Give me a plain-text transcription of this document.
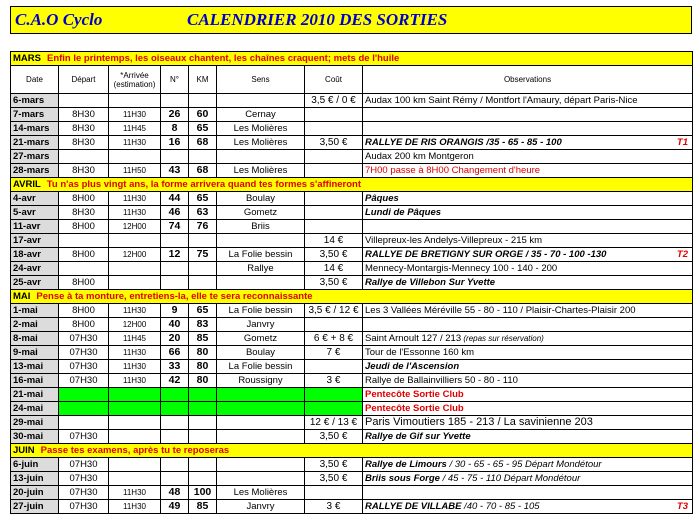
C.A.O Cyclo	CALENDRIER 2010 DES SORTIES
MARS Enfin le printemps, les oiseaux chantent, les chaînes craquent; mets de l'huile							
Date	Départ	*Arrivée (estimation)	N°	KM	Sens	Coût	Observations
6-mars						3,5 € / 0 €	Audax 100 km Saint Rémy / Montfort l'Amaury, départ Paris-Nice
7-mars	8H30	11H30	26	60	Cernay		
14-mars	8H30	11H45	8	65	Les Molières		
21-mars	8H30	11H30	16	68	Les Molières	3,50 €	RALLYE DE RIS ORANGIS /35 - 65 - 85 - 100 T1

27-mars							Audax 200 km Montgeron
28-mars	8H30	11H50	43	68	Les Molières		7H00 passe à 8H00 Changement d'heure
AVRIL Tu n'as plus vingt ans, la forme arrivera quand tes formes s'affineront							
4-avr	8H00	11H30	44	65	Boulay		Pâques
5-avr	8H30	11H30	46	63	Gometz		Lundi de Pâques
11-avr	8H00	12H00	74	76	Briis		
17-avr						14 €	Villepreux-les Andelys-Villepreux - 215 km
18-avr	8H00	12H00	12	75	La Folie bessin	3,50 €	RALLYE DE BRETIGNY SUR ORGE / 35 - 70 - 100 -130 T2

24-avr					Rallye	14 €	Mennecy-Montargis-Mennecy 100 - 140 - 200
25-avr	8H00					3,50 €	Rallye de Villebon Sur Yvette
MAI Pense à ta monture, entretiens-la, elle te sera reconnaissante							
1-mai	8H00	11H30	9	65	La Folie bessin	3,5 € / 12 €	Les 3 Vallées Méréville 55 - 80 - 110 / Plaisir-Chartes-Plaisir 200
2-mai	8H00	12H00	40	83	Janvry		
8-mai	07H30	11H45	20	85	Gometz	6 € + 8 €	Saint Arnoult 127 / 213 (repas sur réservation)
9-mai	07H30	11H30	66	80	Boulay	7 €	Tour de l'Essonne 160 km
13-mai	07H30	11H30	33	80	La Folie bessin		Jeudi de l'Ascension
16-mai	07H30	11H30	42	80	Roussigny	3 €	Rallye de Ballainvilliers 50 - 80 - 110
21-mai							Pentecôte Sortie Club
24-mai							Pentecôte Sortie Club
29-mai						12 € / 13 €	Paris Vimoutiers 185 - 213 / La savinienne 203
30-mai	07H30					3,50 €	Rallye de Gif sur Yvette
JUIN Passe tes examens, après tu te reposeras							
6-juin	07H30					3,50 €	Rallye de Limours / 30 - 65 - 65 - 95 Départ Mondétour
13-juin	07H30					3,50 €	Briis sous Forge / 45 - 75 - 110 Départ Mondétour
20-juin	07H30	11H30	48	100	Les Molières		
27-juin	07H30	11H30	49	85	Janvry	3 €	RALLYE DE VILLABE /40 - 70 - 85 - 105 T3
